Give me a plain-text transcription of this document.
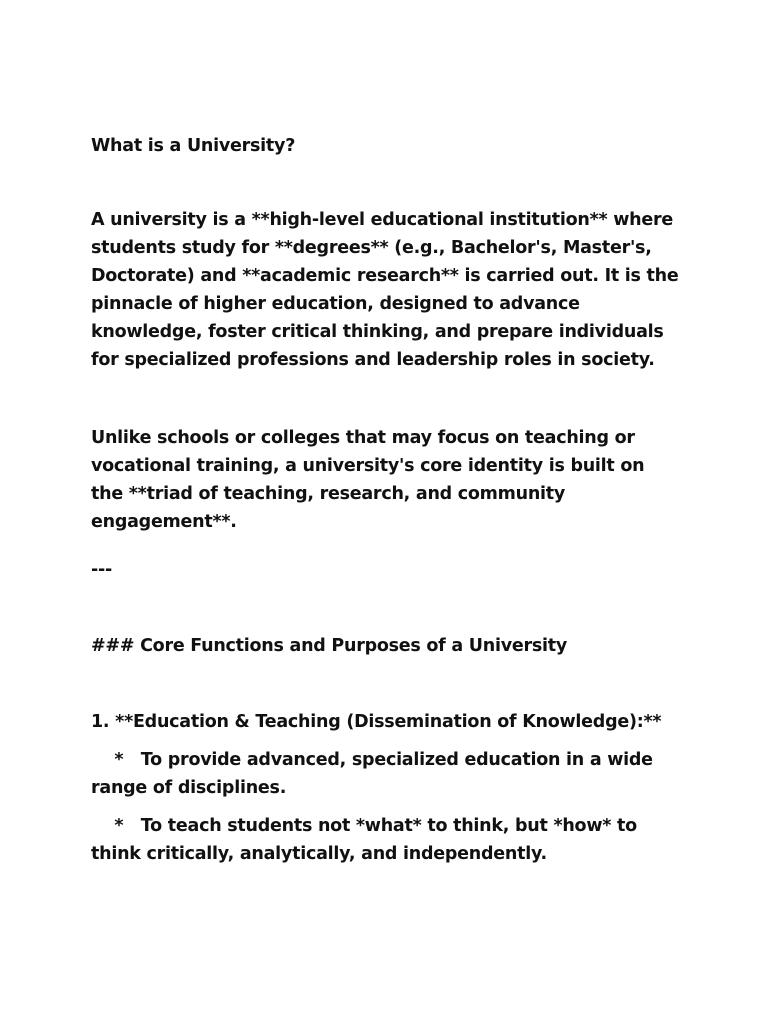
What is a University?

A university is a **high-level educational institution** where students study for **degrees** (e.g., Bachelor's, Master's, Doctorate) and **academic research** is carried out. It is the pinnacle of higher education, designed to advance knowledge, foster critical thinking, and prepare individuals for specialized professions and leadership roles in society.

Unlike schools or colleges that may focus on teaching or vocational training, a university's core identity is built on the **triad of teaching, research, and community engagement**.

---

### Core Functions and Purposes of a University

1. **Education & Teaching (Dissemination of Knowledge):**

*   To provide advanced, specialized education in a wide range of disciplines.

*   To teach students not *what* to think, but *how* to think critically, analytically, and independently.
